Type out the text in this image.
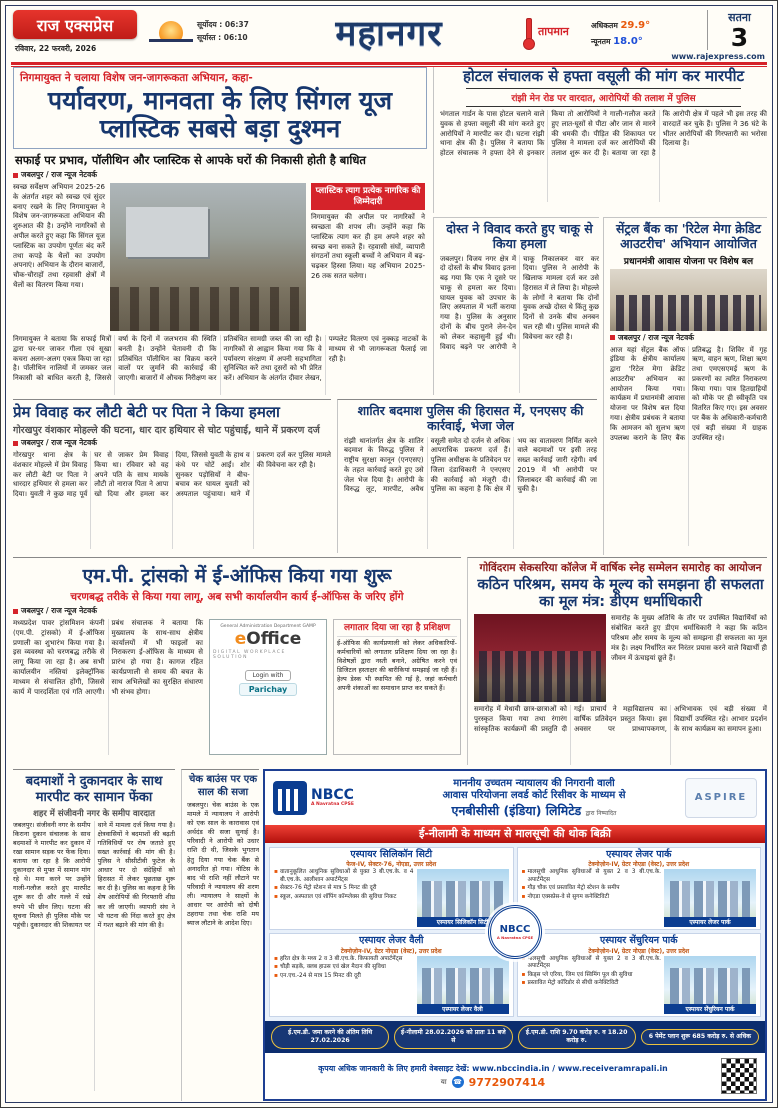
राज एक्सप्रेस
रविवार, 22 फरवरी, 2026
सूर्योदय : 06:37
सूर्यास्त : 06:10	महानगर	तापमान	अधिकतम 29.9°
न्यूनतम 18.0°
सतना
3
www.rajexpress.com
निगमायुक्त ने चलाया विशेष जन-जागरूकता अभियान, कहा-
पर्यावरण, मानवता के लिए सिंगल यूज प्लास्टिक सबसे बड़ा दुश्मन
सफाई पर प्रभाव, पॉलीथिन और प्लास्टिक से आपके घरों की निकासी होती है बाधित
जबलपुर / राज न्यूज नेटवर्क
स्वच्छ सर्वेक्षण अभियान 2025-26 के अंतर्गत शहर को स्वच्छ एवं सुंदर बनाए रखने के लिए निगमायुक्त ने विशेष जन-जागरूकता अभियान की शुरुआत की है। उन्होंने नागरिकों से अपील करते हुए कहा कि सिंगल यूज प्लास्टिक का उपयोग पूर्णतः बंद करें तथा कपड़े के थैलों का उपयोग अपनाएं। अभियान के दौरान बाजारों, चौक-चौराहों तथा रहवासी क्षेत्रों में थैलों का वितरण किया गया।
प्लास्टिक त्याग प्रत्येक नागरिक की जिम्मेदारी
निगमायुक्त की अपील पर नागरिकों ने स्वच्छता की शपथ ली। उन्होंने कहा कि प्लास्टिक त्याग कर ही हम अपने शहर को स्वच्छ बना सकते हैं। रहवासी संघों, व्यापारी संगठनों तथा स्कूली बच्चों ने अभियान में बढ़-चढ़कर हिस्सा लिया। यह अभियान 2025-26 तक सतत चलेगा।
निगमायुक्त ने बताया कि सफाई मित्रों द्वारा घर-घर जाकर गीला एवं सूखा कचरा अलग-अलग एकत्र किया जा रहा है। पॉलीथिन नालियों में जमकर जल निकासी को बाधित करती है, जिससे वर्षा के दिनों में जलभराव की स्थिति बनती है। उन्होंने चेतावनी दी कि प्रतिबंधित पॉलीथिन का विक्रय करने वालों पर जुर्माने की कार्रवाई की जाएगी। बाजारों में औचक निरीक्षण कर प्रतिबंधित सामग्री जब्त की जा रही है। नागरिकों से आह्वान किया गया कि वे पर्यावरण संरक्षण में अपनी सहभागिता सुनिश्चित करें तथा दूसरों को भी प्रेरित करें। अभियान के अंतर्गत दीवार लेखन, पम्पलेट वितरण एवं नुक्कड़ नाटकों के माध्यम से भी जागरूकता फैलाई जा रही है।
होटल संचालक से हफ्ता वसूली की मांग कर मारपीट
रांझी मेन रोड पर वारदात, आरोपियों की तलाश में पुलिस
भंगताल गार्डन के पास होटल चलाने वाले युवक से हफ्ता वसूली की मांग करते हुए आरोपियों ने मारपीट कर दी। घटना रांझी थाना क्षेत्र की है। पुलिस ने बताया कि होटल संचालक ने हफ्ता देने से इनकार किया तो आरोपियों ने गाली-गलौज करते हुए लात-घूसों से पीटा और जान से मारने की धमकी दी। पीड़ित की शिकायत पर पुलिस ने मामला दर्ज कर आरोपियों की तलाश शुरू कर दी है। बताया जा रहा है कि आरोपी क्षेत्र में पहले भी इस तरह की वारदातें कर चुके हैं। पुलिस ने 36 घंटे के भीतर आरोपियों की गिरफ्तारी का भरोसा दिलाया है।
दोस्त ने विवाद करते हुए चाकू से किया हमला
जबलपुर। विजय नगर क्षेत्र में दो दोस्तों के बीच विवाद इतना बढ़ गया कि एक ने दूसरे पर चाकू से हमला कर दिया। घायल युवक को उपचार के लिए अस्पताल में भर्ती कराया गया है। पुलिस के अनुसार दोनों के बीच पुराने लेन-देन को लेकर कहासुनी हुई थी। विवाद बढ़ने पर आरोपी ने चाकू निकालकर वार कर दिया। पुलिस ने आरोपी के खिलाफ मामला दर्ज कर उसे हिरासत में ले लिया है। मोहल्ले के लोगों ने बताया कि दोनों युवक अच्छे दोस्त थे किंतु कुछ दिनों से उनके बीच अनबन चल रही थी। पुलिस मामले की विवेचना कर रही है।
सेंट्रल बैंक का 'रिटेल मेगा क्रेडिट आउटरीच' अभियान आयोजित
प्रधानमंत्री आवास योजना पर विशेष बल
जबलपुर / राज न्यूज नेटवर्क
आज यहां सेंट्रल बैंक ऑफ इंडिया के क्षेत्रीय कार्यालय द्वारा 'रिटेल मेगा क्रेडिट आउटरीच' अभियान का आयोजन किया गया। कार्यक्रम में प्रधानमंत्री आवास योजना पर विशेष बल दिया गया। क्षेत्रीय प्रबंधक ने बताया कि आमजन को सुलभ ऋण उपलब्ध कराने के लिए बैंक प्रतिबद्ध है। शिविर में गृह ऋण, वाहन ऋण, शिक्षा ऋण तथा एमएसएमई ऋण के प्रकरणों का त्वरित निराकरण किया गया। पात्र हितग्राहियों को मौके पर ही स्वीकृति पत्र वितरित किए गए। इस अवसर पर बैंक के अधिकारी-कर्मचारी एवं बड़ी संख्या में ग्राहक उपस्थित रहे।
प्रेम विवाह कर लौटी बेटी पर पिता ने किया हमला
गोरखपुर वंशकार मोहल्ले की घटना, धार दार हथियार से चोट पहुंचाई, थाने में प्रकरण दर्ज
जबलपुर / राज न्यूज नेटवर्क
गोरखपुर थाना क्षेत्र के वंशकार मोहल्ले में प्रेम विवाह कर लौटी बेटी पर पिता ने धारदार हथियार से हमला कर दिया। युवती ने कुछ माह पूर्व घर से जाकर प्रेम विवाह किया था। रविवार को वह अपने पति के साथ मायके लौटी तो नाराज पिता ने आपा खो दिया और हमला कर दिया, जिससे युवती के हाथ व कंधे पर चोटें आईं। शोर सुनकर पड़ोसियों ने बीच-बचाव कर घायल युवती को अस्पताल पहुंचाया। थाने में प्रकरण दर्ज कर पुलिस मामले की विवेचना कर रही है।
शातिर बदमाश पुलिस की हिरासत में, एनएसए की कार्रवाई, भेजा जेल
रांझी थानांतर्गत क्षेत्र के शातिर बदमाश के विरुद्ध पुलिस ने राष्ट्रीय सुरक्षा कानून (एनएसए) के तहत कार्रवाई करते हुए उसे जेल भेज दिया है। आरोपी के विरुद्ध लूट, मारपीट, अवैध वसूली समेत दो दर्जन से अधिक आपराधिक प्रकरण दर्ज हैं। पुलिस अधीक्षक के प्रतिवेदन पर जिला दंडाधिकारी ने एनएसए की कार्रवाई को मंजूरी दी। पुलिस का कहना है कि क्षेत्र में भय का वातावरण निर्मित करने वाले बदमाशों पर इसी तरह सख्त कार्रवाई जारी रहेगी। वर्ष 2019 में भी आरोपी पर जिलाबदर की कार्रवाई की जा चुकी है।
एम.पी. ट्रांसको में ई-ऑफिस किया गया शुरू
चरणबद्ध तरीके से किया गया लागू, अब सभी कार्यालयीन कार्य ई-ऑफिस के जरिए होंगे
जबलपुर / राज न्यूज नेटवर्क
मध्यप्रदेश पावर ट्रांसमिशन कंपनी (एम.पी. ट्रांसको) में ई-ऑफिस प्रणाली का शुभारंभ किया गया है। इस व्यवस्था को चरणबद्ध तरीके से लागू किया जा रहा है। अब सभी कार्यालयीन नस्तियां इलेक्ट्रॉनिक माध्यम से संचालित होंगी, जिससे कार्य में पारदर्शिता एवं गति आएगी। प्रबंध संचालक ने बताया कि मुख्यालय के साथ-साथ क्षेत्रीय कार्यालयों में भी फाइलों का निराकरण ई-ऑफिस के माध्यम से प्रारंभ हो गया है। कागज रहित कार्यप्रणाली से समय की बचत के साथ अभिलेखों का सुरक्षित संधारण भी संभव होगा।
General Administration Department GAMP
eOffice
DIGITAL WORKPLACE SOLUTION
Login with
Parichay
लगातार दिया जा रहा है प्रशिक्षण
ई-ऑफिस की कार्यप्रणाली को लेकर अधिकारियों-कर्मचारियों को लगातार प्रशिक्षण दिया जा रहा है। विशेषज्ञों द्वारा नस्ती बनाने, अग्रेषित करने एवं डिजिटल हस्ताक्षर की बारीकियां समझाई जा रही हैं। हेल्प डेस्क भी स्थापित की गई है, जहां कर्मचारी अपनी शंकाओं का समाधान प्राप्त कर सकते हैं।
गोविंदराम सेकसरिया कॉलेज में वार्षिक स्नेह सम्मेलन समारोह का आयोजन
कठिन परिश्रम, समय के मूल्य को समझना ही सफलता का मूल मंत्र: डीएम धर्माधिकारी
समारोह के मुख्य अतिथि के तौर पर उपस्थित विद्यार्थियों को संबोधित करते हुए डीएम धर्माधिकारी ने कहा कि कठिन परिश्रम और समय के मूल्य को समझना ही सफलता का मूल मंत्र है। लक्ष्य निर्धारित कर निरंतर प्रयास करने वाले विद्यार्थी ही जीवन में ऊंचाइयां छूते हैं।
समारोह में मेधावी छात्र-छात्राओं को पुरस्कृत किया गया तथा रंगारंग सांस्कृतिक कार्यक्रमों की प्रस्तुति दी गई। प्राचार्य ने महाविद्यालय का वार्षिक प्रतिवेदन प्रस्तुत किया। इस अवसर पर प्राध्यापकगण, अभिभावक एवं बड़ी संख्या में विद्यार्थी उपस्थित रहे। आभार प्रदर्शन के साथ कार्यक्रम का समापन हुआ।
बदमाशों ने दुकानदार के साथ मारपीट कर सामान फेंका
शहर में संजीवनी नगर के समीप वारदात
जबलपुर। संजीवनी नगर के समीप किराना दुकान संचालक के साथ बदमाशों ने मारपीट कर दुकान में रखा सामान सड़क पर फेंक दिया। बताया जा रहा है कि आरोपी दुकानदार से मुफ्त में सामान मांग रहे थे। मना करने पर उन्होंने गाली-गलौज करते हुए मारपीट शुरू कर दी और गल्ले में रखे रुपये भी छीन लिए। घटना की सूचना मिलते ही पुलिस मौके पर पहुंची। दुकानदार की शिकायत पर थाने में मामला दर्ज किया गया है। क्षेत्रवासियों ने बदमाशों की बढ़ती गतिविधियों पर रोष जताते हुए सख्त कार्रवाई की मांग की है। पुलिस ने सीसीटीवी फुटेज के आधार पर दो संदेहियों को हिरासत में लेकर पूछताछ शुरू कर दी है। पुलिस का कहना है कि शेष आरोपियों की गिरफ्तारी शीघ्र कर ली जाएगी। व्यापारी संघ ने भी घटना की निंदा करते हुए क्षेत्र में गश्त बढ़ाने की मांग की है।
चेक बाउंस पर एक साल की सजा
जबलपुर। चेक बाउंस के एक मामले में न्यायालय ने आरोपी को एक साल के कारावास एवं अर्थदंड की सजा सुनाई है। परिवादी ने आरोपी को उधार राशि दी थी, जिसके भुगतान हेतु दिया गया चेक बैंक से अनादरित हो गया। नोटिस के बाद भी राशि नहीं लौटाने पर परिवादी ने न्यायालय की शरण ली। न्यायालय ने साक्ष्यों के आधार पर आरोपी को दोषी ठहराया तथा चेक राशि मय ब्याज लौटाने के आदेश दिए।
NBCC
A Navratna CPSE
माननीय उच्चतम न्यायालय की निगरानी वाली
आवास परियोजना लवर्ड कोर्ट रिसीवर के माध्यम से
एनबीसीसी (इंडिया) लिमिटेड द्वारा निष्पादित
ASPIRE
ई-नीलामी के माध्यम से मालसूची की थोक बिक्री
एस्पायर सिलिकॉन सिटी
फेज-IV, सेक्टर-76, नोएडा, उत्तर प्रदेश
▪ वातानुकूलित आधुनिक सुविधाओं से युक्त 3 बी.एच.के. व 4 बी.एच.के. आलीशान अपार्टमेंट्स
▪ सेक्टर-76 मेट्रो स्टेशन से मात्र 5 मिनट की दूरी
▪ स्कूल, अस्पताल एवं शॉपिंग कॉम्प्लेक्स की सुविधा निकट
एस्पायर सिलिकॉन सिटी
एस्पायर लेजर पार्क
टेक्नोज़ोन-IV, ग्रेटर नोएडा (वेस्ट), उत्तर प्रदेश
▪ मालसूची आधुनिक सुविधाओं से युक्त 2 व 3 बी.एच.के. अपार्टमेंट्स
▪ गौड़ चौक एवं प्रस्तावित मेट्रो स्टेशन के समीप
▪ नोएडा एक्सप्रेस-वे से सुगम कनेक्टिविटी
एस्पायर लेजर पार्क
एस्पायर लेजर वैली
टेक्नोज़ोन-IV, ग्रेटर नोएडा (वेस्ट), उत्तर प्रदेश
▪ हरित क्षेत्र के मध्य 2 व 3 बी.एच.के. किफायती अपार्टमेंट्स
▪ चौड़ी सड़कें, क्लब हाउस एवं खेल मैदान की सुविधा
▪ एन.एच.-24 से मात्र 15 मिनट की दूरी
एस्पायर लेजर वैली
एस्पायर सेंचुरियन पार्क
टेक्नोज़ोन-IV, ग्रेटर नोएडा (वेस्ट), उत्तर प्रदेश
▪ मालसूची आधुनिक सुविधाओं से युक्त 2 व 3 बी.एच.के. अपार्टमेंट्स
▪ किड्स प्ले एरिया, जिम एवं स्विमिंग पूल की सुविधा
▪ प्रस्तावित मेट्रो कॉरिडोर से सीधी कनेक्टिविटी
एस्पायर सेंचुरियन पार्क
NBCC
A Navratna CPSE
ई.एम.डी. जमा करने की अंतिम तिथि 27.02.2026
ई-नीलामी 28.02.2026 को प्रातः 11 बजे से
ई.एम.डी. राशि 9.70 करोड़ रु. व 18.20 करोड़ रु.
6 पेमेंट प्लान शुरू 685 करोड़ रु. से अधिक
कृपया अधिक जानकारी के लिए हमारी वेबसाइट देखें: www.nbccindia.in / www.receiveramrapali.in
या ☎ 9772907414
